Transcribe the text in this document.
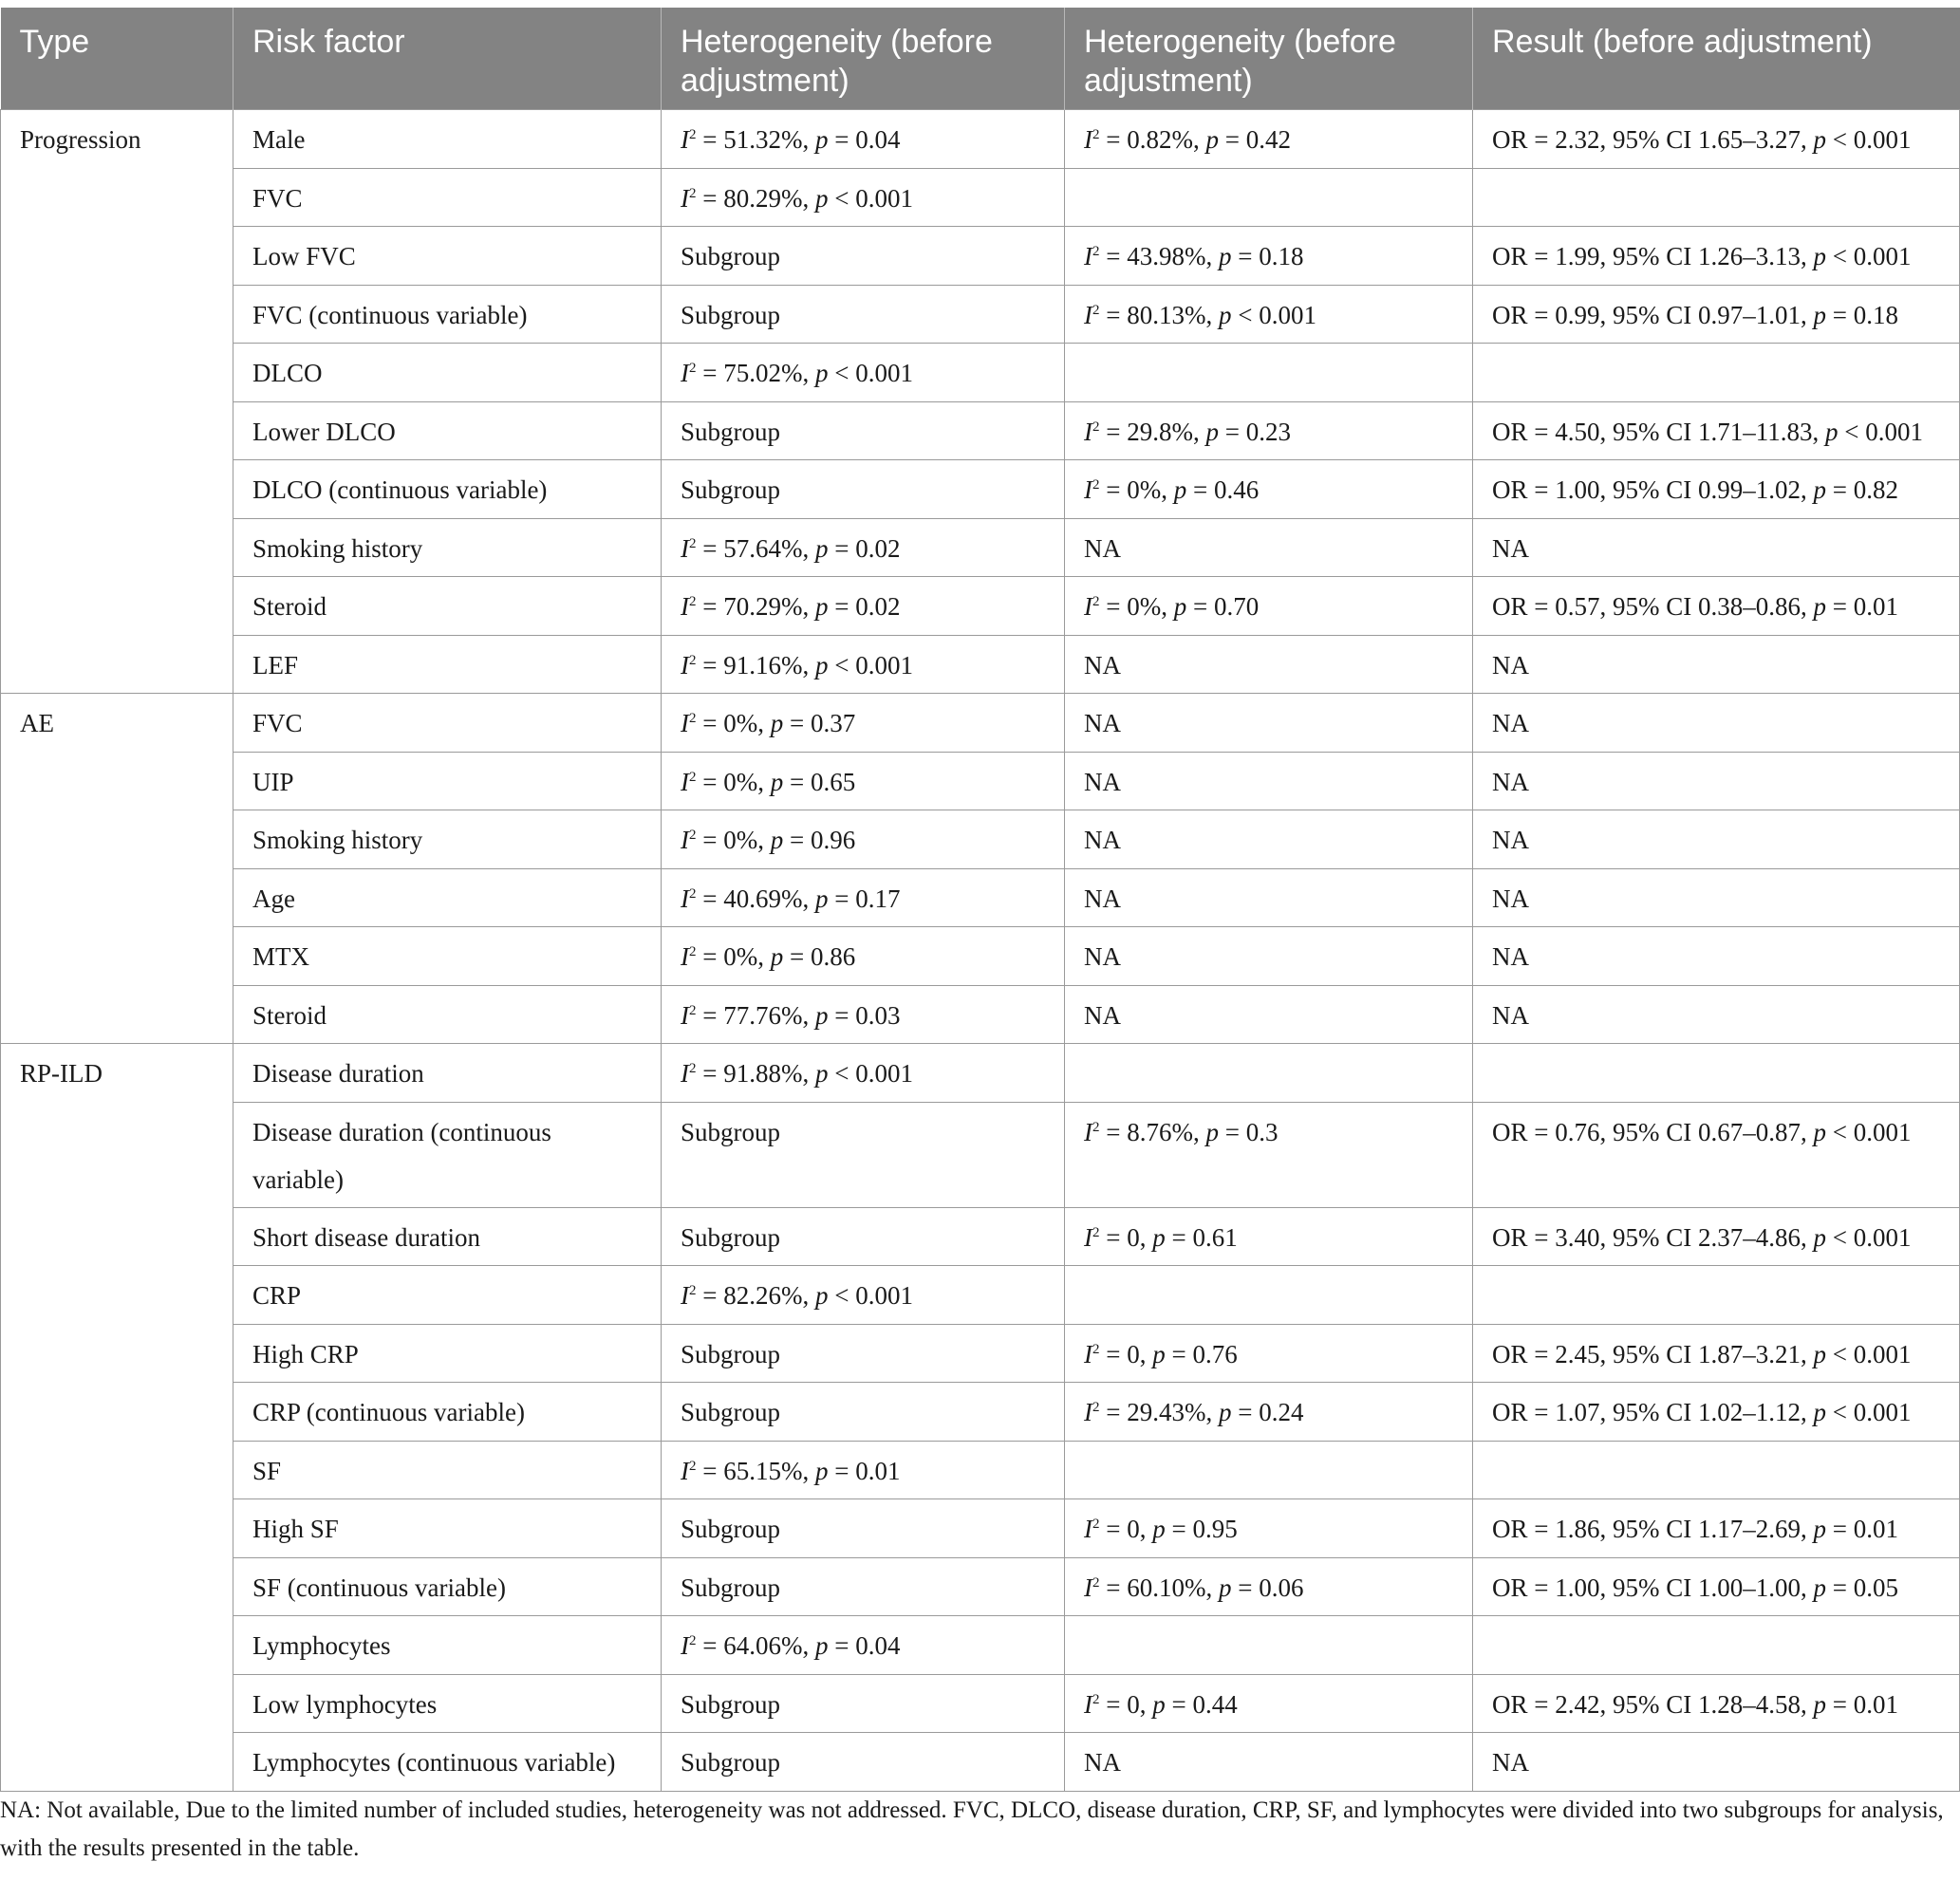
Type	Risk factor	Heterogeneity (before adjustment)	Heterogeneity (before adjustment)	Result (before adjustment)
Progression	Male	$I^2 = 51.32\%$, p = 0.04	$I^2 = 0.82\%$, p = 0.42	OR = 2.32, 95% CI 1.65–3.27, p < 0.001
	FVC	$I^2 = 80.29\%$, p < 0.001		
	Low FVC	Subgroup	$I^2 = 43.98\%$, p = 0.18	OR = 1.99, 95% CI 1.26–3.13, p < 0.001
	FVC (continuous variable)	Subgroup	$I^2 = 80.13\%$, p < 0.001	OR = 0.99, 95% CI 0.97–1.01, p = 0.18
	DLCO	$I^2 = 75.02\%$, p < 0.001		
	Lower DLCO	Subgroup	$I^2 = 29.8\%$, p = 0.23	OR = 4.50, 95% CI 1.71–11.83, p < 0.001
	DLCO (continuous variable)	Subgroup	$I^2 = 0\%$, p = 0.46	OR = 1.00, 95% CI 0.99–1.02, p = 0.82
	Smoking history	$I^2 = 57.64\%$, p = 0.02	NA	NA
	Steroid	$I^2 = 70.29\%$, p = 0.02	$I^2 = 0\%$, p = 0.70	OR = 0.57, 95% CI 0.38–0.86, p = 0.01
	LEF	$I^2 = 91.16\%$, p < 0.001	NA	NA
AE	FVC	$I^2 = 0\%$, p = 0.37	NA	NA
	UIP	$I^2 = 0\%$, p = 0.65	NA	NA
	Smoking history	$I^2 = 0\%$, p = 0.96	NA	NA
	Age	$I^2 = 40.69\%$, p = 0.17	NA	NA
	MTX	$I^2 = 0\%$, p = 0.86	NA	NA
	Steroid	$I^2 = 77.76\%$, p = 0.03	NA	NA
RP-ILD	Disease duration	$I^2 = 91.88\%$, p < 0.001		
	Disease duration (continuous variable)	Subgroup	$I^2 = 8.76\%$, p = 0.3	OR = 0.76, 95% CI 0.67–0.87, p < 0.001
	Short disease duration	Subgroup	$I^2 = 0$, p = 0.61	OR = 3.40, 95% CI 2.37–4.86, p < 0.001
	CRP	$I^2 = 82.26\%$, p < 0.001		
	High CRP	Subgroup	$I^2 = 0$, p = 0.76	OR = 2.45, 95% CI 1.87–3.21, p < 0.001
	CRP (continuous variable)	Subgroup	$I^2 = 29.43\%$, p = 0.24	OR = 1.07, 95% CI 1.02–1.12, p < 0.001
	SF	$I^2 = 65.15\%$, p = 0.01		
	High SF	Subgroup	$I^2 = 0$, p = 0.95	OR = 1.86, 95% CI 1.17–2.69, p = 0.01
	SF (continuous variable)	Subgroup	$I^2 = 60.10\%$, p = 0.06	OR = 1.00, 95% CI 1.00–1.00, p = 0.05
	Lymphocytes	$I^2 = 64.06\%$, p = 0.04		
	Low lymphocytes	Subgroup	$I^2 = 0$, p = 0.44	OR = 2.42, 95% CI 1.28–4.58, p = 0.01
	Lymphocytes (continuous variable)	Subgroup	NA	NA
NA: Not available, Due to the limited number of included studies, heterogeneity was not addressed. FVC, DLCO, disease duration, CRP, SF, and lymphocytes were divided into two subgroups for analysis, with the results presented in the table.
